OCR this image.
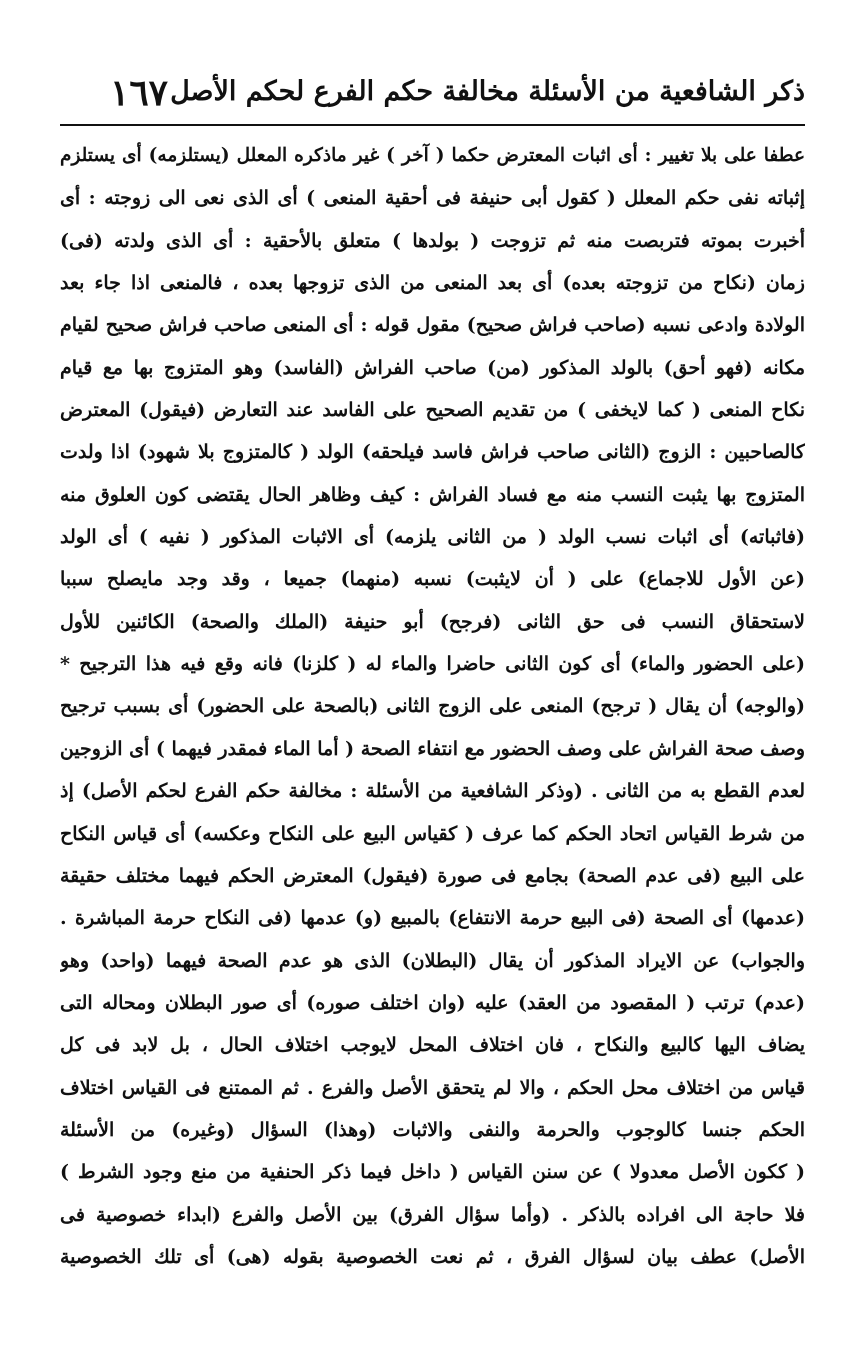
ذكر الشافعية من الأسئلة مخالفة حكم الفرع لحكم الأصل
١٦٧
عطفا على بلا تغيير : أى اثبات المعترض حكما ( آخر ) غير ماذكره المعلل (يستلزمه) أى يستلزم
إثباته نفى حكم المعلل ( كقول أبى حنيفة فى أحقية المنعى ) أى الذى نعى الى زوجته : أى
أخبرت بموته فتربصت منه ثم تزوجت ( بولدها ) متعلق بالأحقية : أى الذى ولدته (فى)
زمان (نكاح من تزوجته بعده) أى بعد المنعى من الذى تزوجها بعده ، فالمنعى اذا جاء بعد
الولادة وادعى نسبه (صاحب فراش صحيح) مقول قوله : أى المنعى صاحب فراش صحيح لقيام
مكانه (فهو أحق) بالولد المذكور (من) صاحب الفراش (الفاسد) وهو المتزوج بها مع قيام
نكاح المنعى ( كما لايخفى ) من تقديم الصحيح على الفاسد عند التعارض (فيقول) المعترض
كالصاحبين : الزوج (الثانى صاحب فراش فاسد فيلحقه) الولد ( كالمتزوج بلا شهود) اذا ولدت
المتزوج بها يثبت النسب منه مع فساد الفراش : كيف وظاهر الحال يقتضى كون العلوق منه
(فاثباته) أى اثبات نسب الولد ( من الثانى يلزمه) أى الاثبات المذكور ( نفيه ) أى الولد
(عن الأول للاجماع) على ( أن لايثبت) نسبه (منهما) جميعا ، وقد وجد مايصلح سببا
لاستحقاق النسب فى حق الثانى (فرجح) أبو حنيفة (الملك والصحة) الكائنين للأول
(على الحضور والماء) أى كون الثانى حاضرا والماء له ( كلزنا) فانه وقع فيه هذا الترجيح *
(والوجه) أن يقال ( ترجح) المنعى على الزوج الثانى (بالصحة على الحضور) أى بسبب ترجيح
وصف صحة الفراش على وصف الحضور مع انتفاء الصحة ( أما الماء فمقدر فيهما ) أى الزوجين
لعدم القطع به من الثانى . (وذكر الشافعية من الأسئلة : مخالفة حكم الفرع لحكم الأصل) إذ
من شرط القياس اتحاد الحكم كما عرف ( كقياس البيع على النكاح وعكسه) أى قياس النكاح
على البيع (فى عدم الصحة) بجامع فى صورة (فيقول) المعترض الحكم فيهما مختلف حقيقة
(عدمها) أى الصحة (فى البيع حرمة الانتفاع) بالمبيع (و) عدمها (فى النكاح حرمة المباشرة .
والجواب) عن الايراد المذكور أن يقال (البطلان) الذى هو عدم الصحة فيهما (واحد) وهو
(عدم) ترتب ( المقصود من العقد) عليه (وان اختلف صوره) أى صور البطلان ومحاله التى
يضاف اليها كالبيع والنكاح ، فان اختلاف المحل لايوجب اختلاف الحال ، بل لابد فى كل
قياس من اختلاف محل الحكم ، والا لم يتحقق الأصل والفرع . ثم الممتنع فى القياس اختلاف
الحكم جنسا كالوجوب والحرمة والنفى والاثبات (وهذا) السؤال (وغيره) من الأسئلة
( ككون الأصل معدولا ) عن سنن القياس ( داخل فيما ذكر الحنفية من منع وجود الشرط )
فلا حاجة الى افراده بالذكر . (وأما سؤال الفرق) بين الأصل والفرع (ابداء خصوصية فى
الأصل) عطف بيان لسؤال الفرق ، ثم نعت الخصوصية بقوله (هى) أى تلك الخصوصية
